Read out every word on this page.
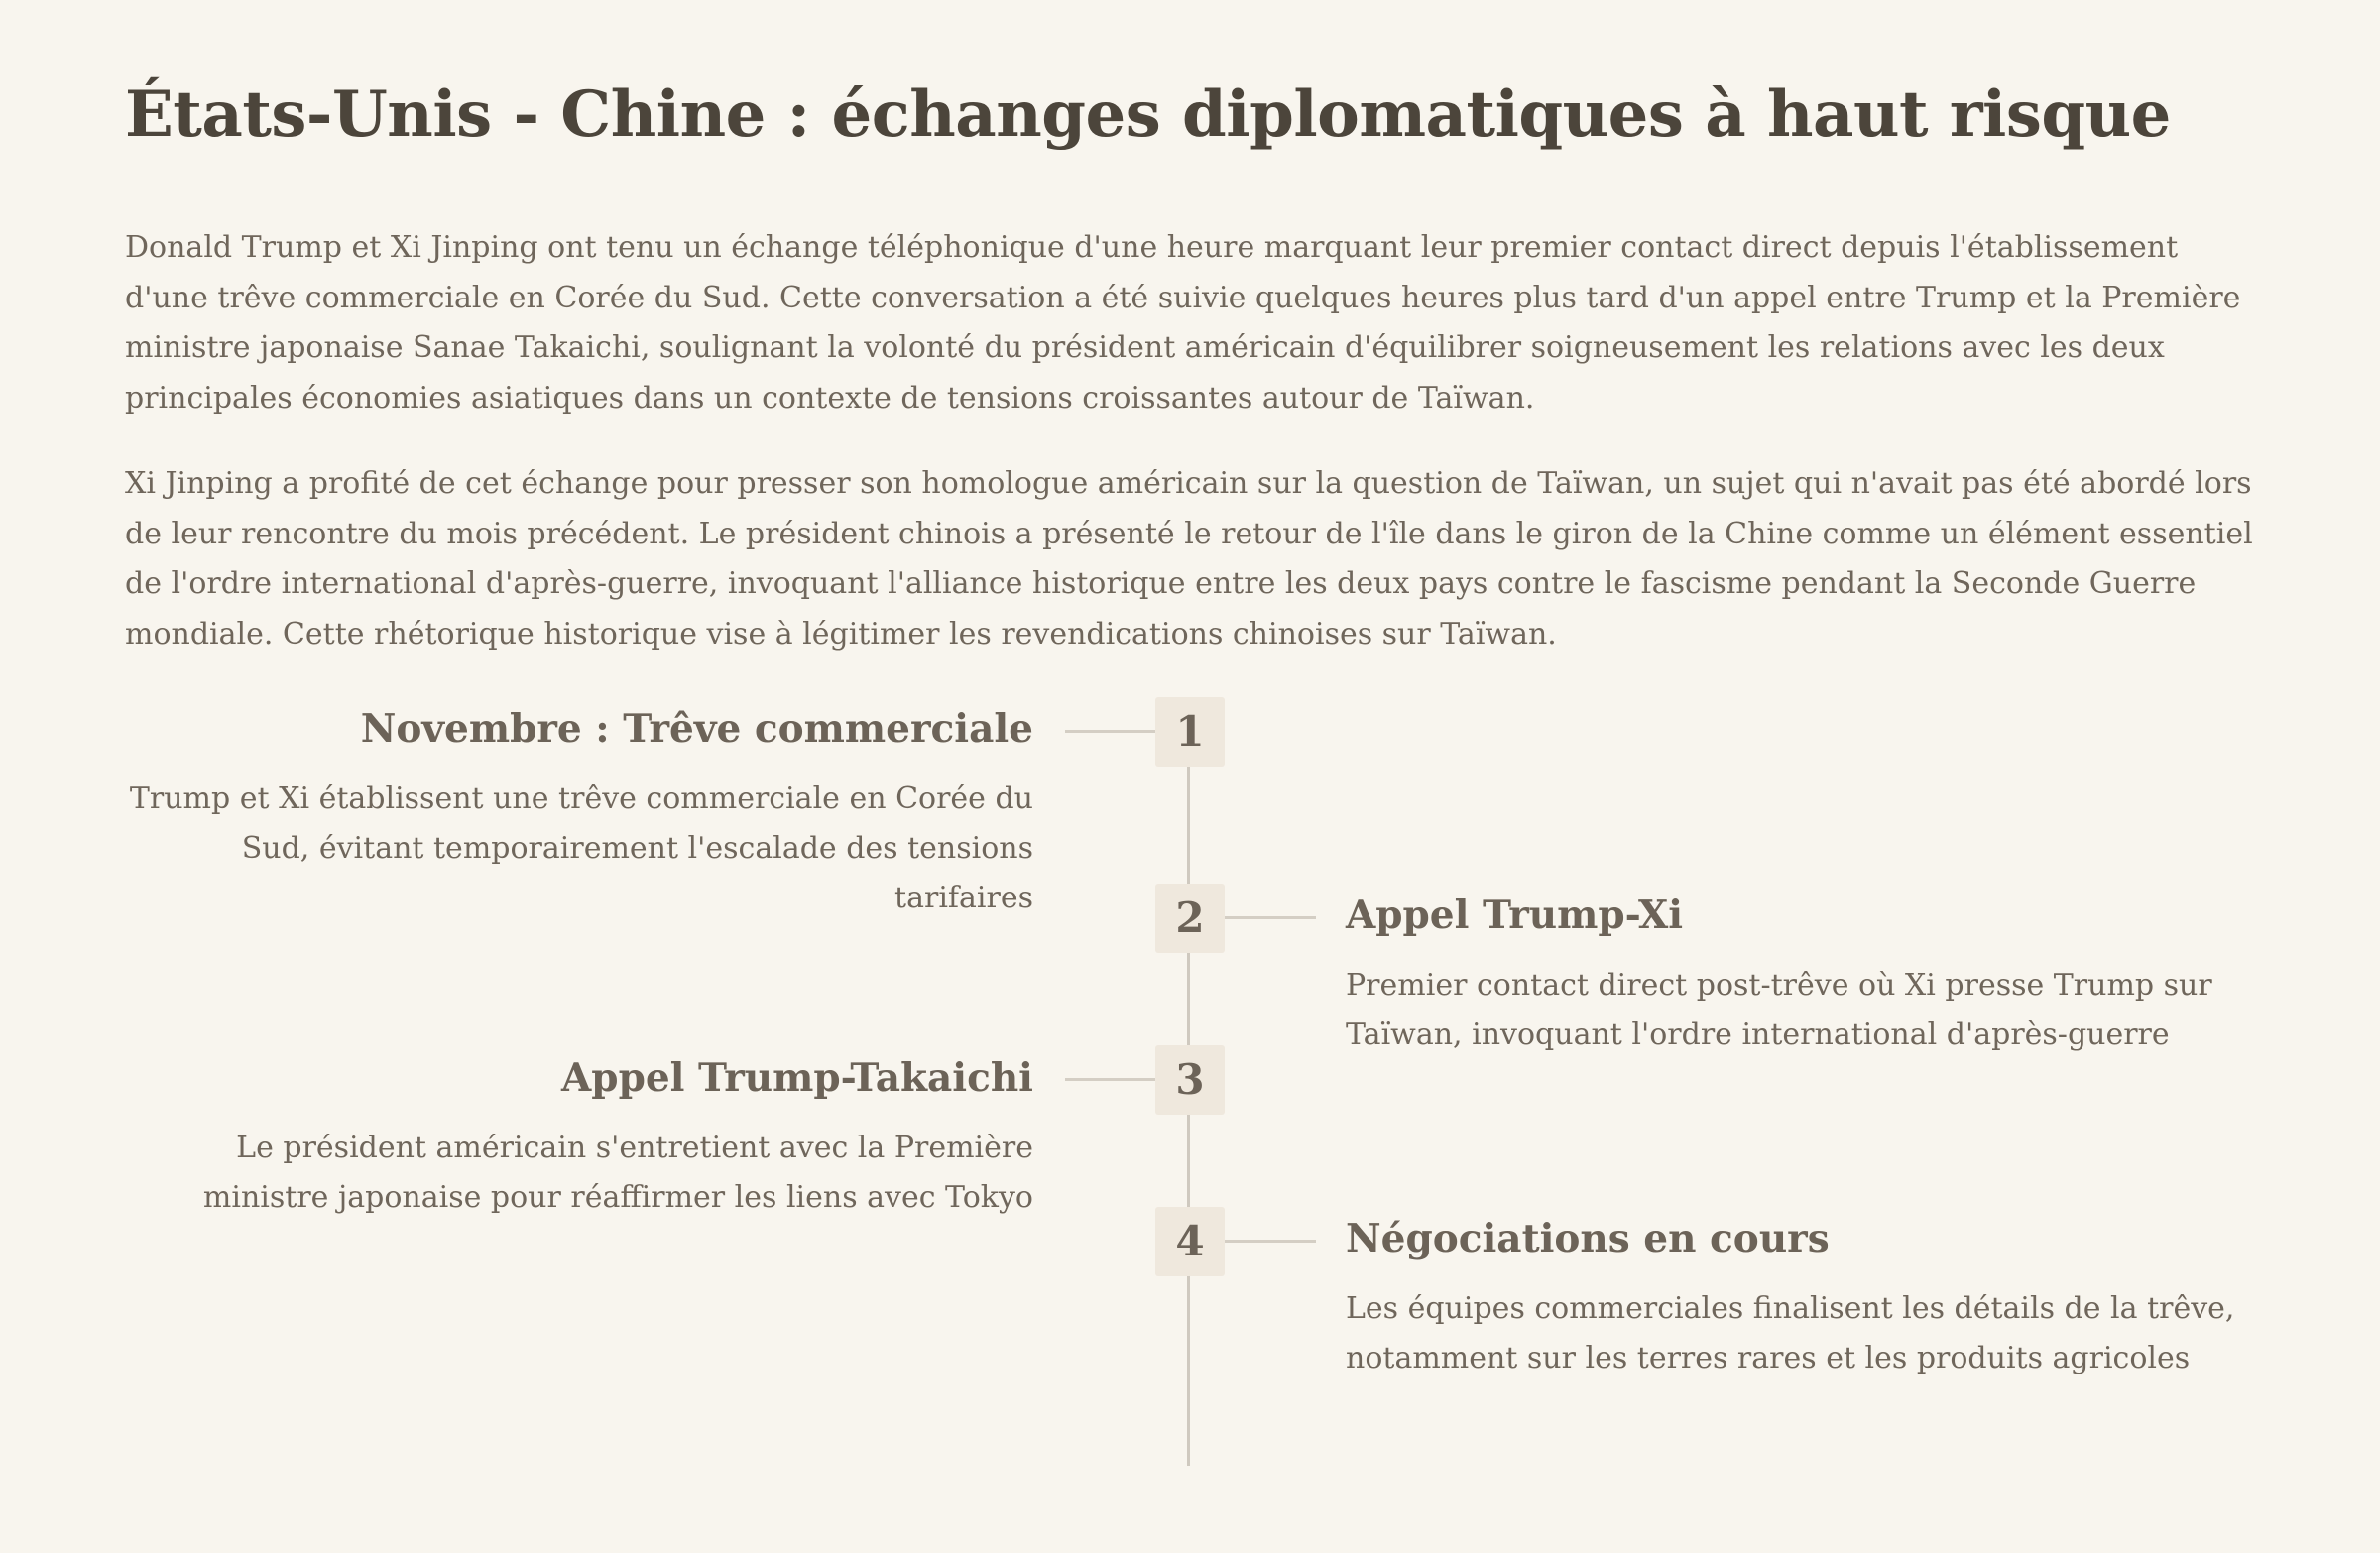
États-Unis - Chine : échanges diplomatiques à haut risque

Donald Trump et Xi Jinping ont tenu un échange téléphonique d'une heure marquant leur premier contact direct depuis l'établissement d'une trêve commerciale en Corée du Sud. Cette conversation a été suivie quelques heures plus tard d'un appel entre Trump et la Première ministre japonaise Sanae Takaichi, soulignant la volonté du président américain d'équilibrer soigneusement les relations avec les deux principales économies asiatiques dans un contexte de tensions croissantes autour de Taïwan.

Xi Jinping a profité de cet échange pour presser son homologue américain sur la question de Taïwan, un sujet qui n'avait pas été abordé lors de leur rencontre du mois précédent. Le président chinois a présenté le retour de l'île dans le giron de la Chine comme un élément essentiel de l'ordre international d'après-guerre, invoquant l'alliance historique entre les deux pays contre le fascisme pendant la Seconde Guerre mondiale. Cette rhétorique historique vise à légitimer les revendications chinoises sur Taïwan.

1
Novembre : Trêve commerciale

Trump et Xi établissent une trêve commerciale en Corée du Sud, évitant temporairement l'escalade des tensions tarifaires	2	Appel Trump-Xi

Premier contact direct post-trêve où Xi presse Trump sur Taïwan, invoquant l'ordre international d'après-guerre

3
Appel Trump-Takaichi

Le président américain s'entretient avec la Première ministre japonaise pour réaffirmer les liens avec Tokyo

4	Négociations en cours

Les équipes commerciales finalisent les détails de la trêve, notamment sur les terres rares et les produits agricoles
